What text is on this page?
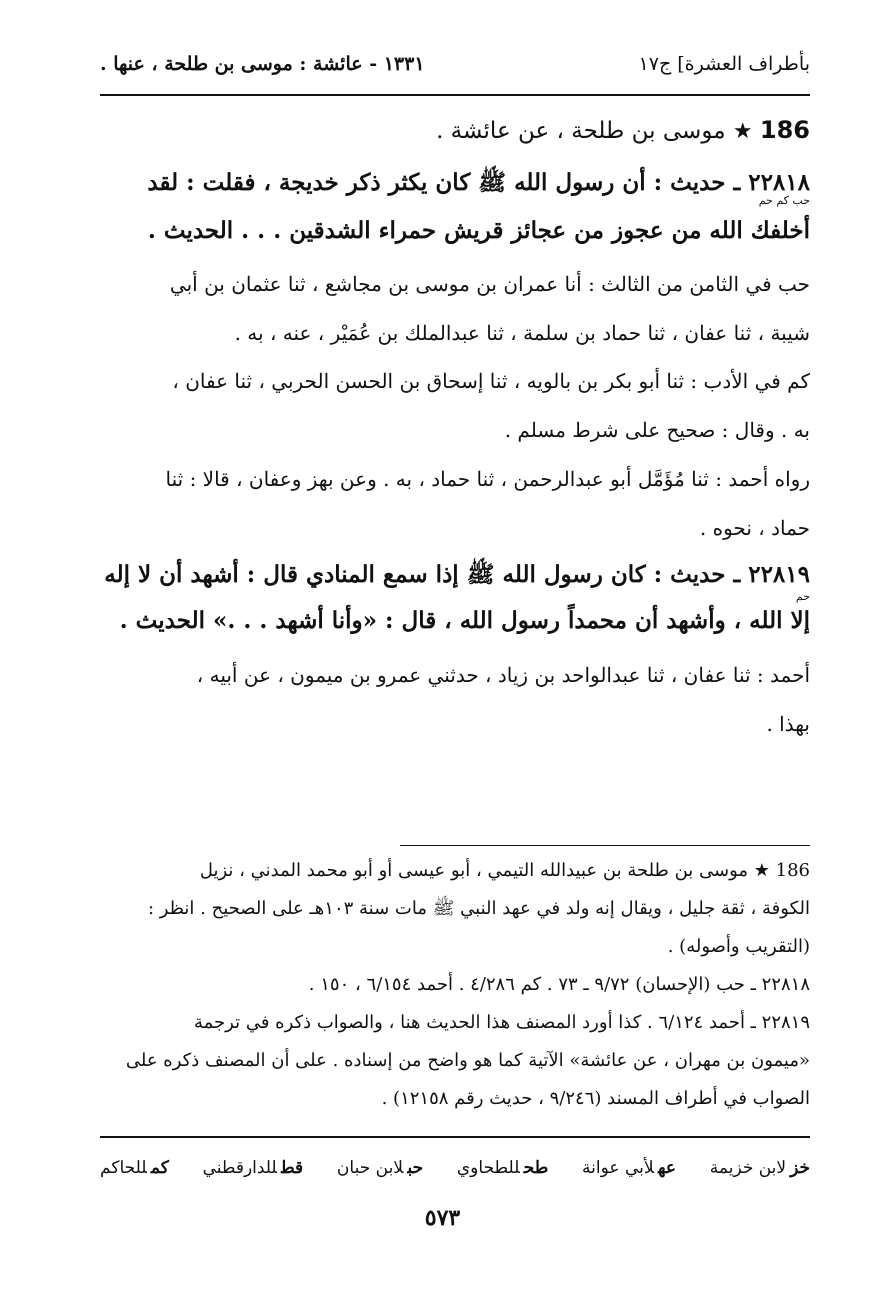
بأطراف العشرة] ج١٧
١٣٣١ - عائشة : موسى بن طلحة ، عنها .
186 ★ موسى بن طلحة ، عن عائشة .
٢٢٨١٨ ـ حديث : أن رسول الله ﷺ كان يكثر ذكر خديجة ، فقلت : لقد
حب كم حم
أخلفك الله من عجوز من عجائز قريش حمراء الشدقين . . . الحديث .
حب في الثامن من الثالث : أنا عمران بن موسى بن مجاشع ، ثنا عثمان بن أبي
شيبة ، ثنا عفان ، ثنا حماد بن سلمة ، ثنا عبدالملك بن عُمَيْر ، عنه ، به .
كم في الأدب : ثنا أبو بكر بن بالويه ، ثنا إسحاق بن الحسن الحربي ، ثنا عفان ،
به . وقال : صحيح على شرط مسلم .
رواه أحمد : ثنا مُؤَمَّل أبو عبدالرحمن ، ثنا حماد ، به . وعن بهز وعفان ، قالا : ثنا
حماد ، نحوه .
٢٢٨١٩ ـ حديث : كان رسول الله ﷺ إذا سمع المنادي قال : أشهد أن لا إله
حم
إلا الله ، وأشهد أن محمداً رسول الله ، قال : «وأنا أشهد . . .» الحديث .
أحمد : ثنا عفان ، ثنا عبدالواحد بن زياد ، حدثني عمرو بن ميمون ، عن أبيه ،
بهذا .
186 ★ موسى بن طلحة بن عبيدالله التيمي ، أبو عيسى أو أبو محمد المدني ، نزيل
الكوفة ، ثقة جليل ، ويقال إنه ولد في عهد النبي ﷺ مات سنة ١٠٣هـ على الصحيح . انظر :
(التقريب وأصوله) .
٢٢٨١٨ ـ حب (الإحسان) ٩/٧٢ ـ ٧٣ . كم ٤/٢٨٦ . أحمد ٦/١٥٤ ، ١٥٠ .
٢٢٨١٩ ـ أحمد ٦/١٢٤ . كذا أورد المصنف هذا الحديث هنا ، والصواب ذكره في ترجمة
«ميمون بن مهران ، عن عائشة» الآتية كما هو واضح من إسناده . على أن المصنف ذكره على
الصواب في أطراف المسند (٩/٢٤٦ ، حديث رقم ١٢١٥٨) .
خزلابن خزيمة
عهلأبي عوانة
طحللطحاوي
حبلابن حبان
قطللدارقطني
كمللحاكم
٥٧٣
